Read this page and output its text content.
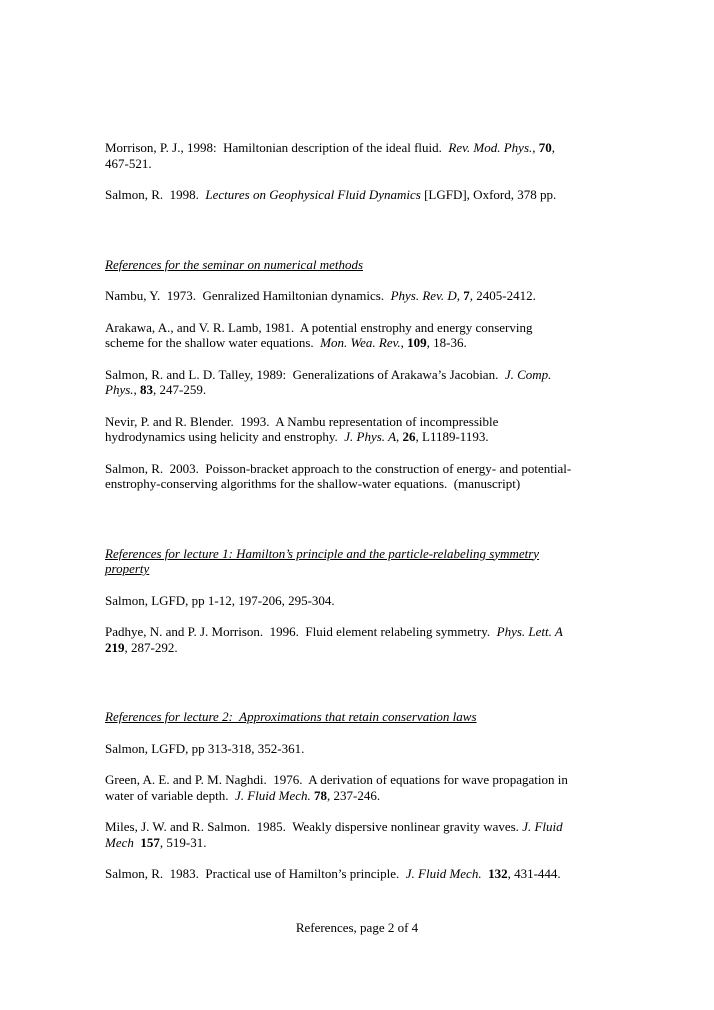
Morrison, P. J., 1998:  Hamiltonian description of the ideal fluid.  Rev. Mod. Phys., 70,
467-521.

Salmon, R.  1998.  Lectures on Geophysical Fluid Dynamics [LGFD], Oxford, 378 pp.

References for the seminar on numerical methods

Nambu, Y.  1973.  Genralized Hamiltonian dynamics.  Phys. Rev. D, 7, 2405-2412.

Arakawa, A., and V. R. Lamb, 1981.  A potential enstrophy and energy conserving
scheme for the shallow water equations.  Mon. Wea. Rev., 109, 18-36.

Salmon, R. and L. D. Talley, 1989:  Generalizations of Arakawa’s Jacobian.  J. Comp.
Phys., 83, 247-259.

Nevir, P. and R. Blender.  1993.  A Nambu representation of incompressible
hydrodynamics using helicity and enstrophy.  J. Phys. A, 26, L1189-1193.

Salmon, R.  2003.  Poisson-bracket approach to the construction of energy- and potential-
enstrophy-conserving algorithms for the shallow-water equations.  (manuscript)

References for lecture 1: Hamilton’s principle and the particle-relabeling symmetry
property

Salmon, LGFD, pp 1-12, 197-206, 295-304.

Padhye, N. and P. J. Morrison.  1996.  Fluid element relabeling symmetry.  Phys. Lett. A
219, 287-292.

References for lecture 2:  Approximations that retain conservation laws

Salmon, LGFD, pp 313-318, 352-361.

Green, A. E. and P. M. Naghdi.  1976.  A derivation of equations for wave propagation in
water of variable depth.  J. Fluid Mech. 78, 237-246.

Miles, J. W. and R. Salmon.  1985.  Weakly dispersive nonlinear gravity waves. J. Fluid
Mech 157, 519-31.

Salmon, R.  1983.  Practical use of Hamilton’s principle.  J. Fluid Mech. 132, 431-444.

References, page 2 of 4
